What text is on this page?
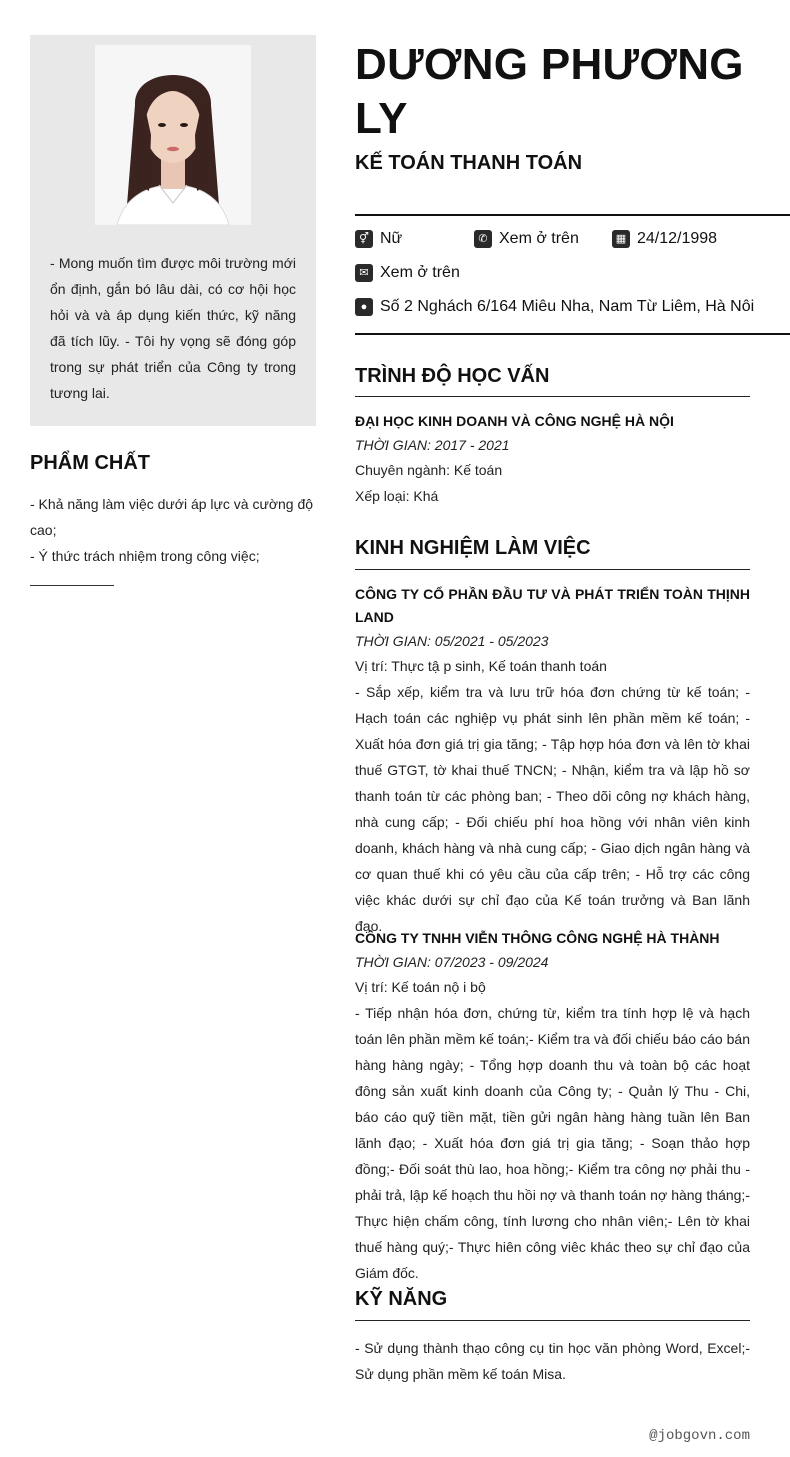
- Mong muốn tìm được môi trường mới ổn định, gắn bó lâu dài, có cơ hội học hỏi và và áp dụng kiến thức, kỹ năng đã tích lũy. - Tôi hy vọng sẽ đóng góp trong sự phát triển của Công ty trong tương lai.
PHẨM CHẤT
- Khả năng làm việc dưới áp lực và cường độ cao;
- Ý thức trách nhiệm trong công việc;
DƯƠNG PHƯƠNG LY
KẾ TOÁN THANH TOÁN
⚥ Nữ	✆ Xem ở trên	▦ 24/12/1998
✉ Xem ở trên
● Số 2 Nghách 6/164 Miêu Nha, Nam Từ Liêm, Hà Nôi
TRÌNH ĐỘ HỌC VẤN
ĐẠI HỌC KINH DOANH VÀ CÔNG NGHỆ HÀ NỘI
THỜI GIAN: 2017 - 2021
Chuyên ngành: Kế toán
Xếp loại: Khá
KINH NGHIỆM LÀM VIỆC
CÔNG TY CỔ PHẦN ĐẦU TƯ VÀ PHÁT TRIỂN TOÀN THỊNH LAND
THỜI GIAN: 05/2021 - 05/2023
Vị trí: Thực tậ p sinh, Kế toán thanh toán
- Sắp xếp, kiểm tra và lưu trữ hóa đơn chứng từ kế toán; - Hạch toán các nghiệp vụ phát sinh lên phần mềm kế toán; - Xuất hóa đơn giá trị gia tăng; - Tập hợp hóa đơn và lên tờ khai thuế GTGT, tờ khai thuế TNCN; - Nhận, kiểm tra và lập hồ sơ thanh toán từ các phòng ban; - Theo dõi công nợ khách hàng, nhà cung cấp; - Đối chiếu phí hoa hồng với nhân viên kinh doanh, khách hàng và nhà cung cấp; - Giao dịch ngân hàng và cơ quan thuế khi có yêu cầu của cấp trên; - Hỗ trợ các công việc khác dưới sự chỉ đạo của Kế toán trưởng và Ban lãnh đạo.
CÔNG TY TNHH VIỄN THÔNG CÔNG NGHỆ HÀ THÀNH
THỜI GIAN: 07/2023 - 09/2024
Vị trí: Kế toán nộ i bộ
- Tiếp nhận hóa đơn, chứng từ, kiểm tra tính hợp lệ và hạch toán lên phần mềm kế toán;- Kiểm tra và đối chiếu báo cáo bán hàng hàng ngày; - Tổng hợp doanh thu và toàn bộ các hoạt đông sản xuất kinh doanh của Công ty; - Quản lý Thu - Chi, báo cáo quỹ tiền mặt, tiền gửi ngân hàng hàng tuần lên Ban lãnh đạo; - Xuất hóa đơn giá trị gia tăng; - Soạn thảo hợp đồng;- Đối soát thù lao, hoa hồng;- Kiểm tra công nợ phải thu - phải trả, lập kế hoạch thu hồi nợ và thanh toán nợ hàng tháng;- Thực hiện chấm công, tính lương cho nhân viên;- Lên tờ khai thuế hàng quý;- Thực hiên công viêc khác theo sự chỉ đạo của Giám đốc.
KỸ NĂNG
- Sử dụng thành thạo công cụ tin học văn phòng Word, Excel;- Sử dụng phần mềm kế toán Misa.
@jobgovn.com
